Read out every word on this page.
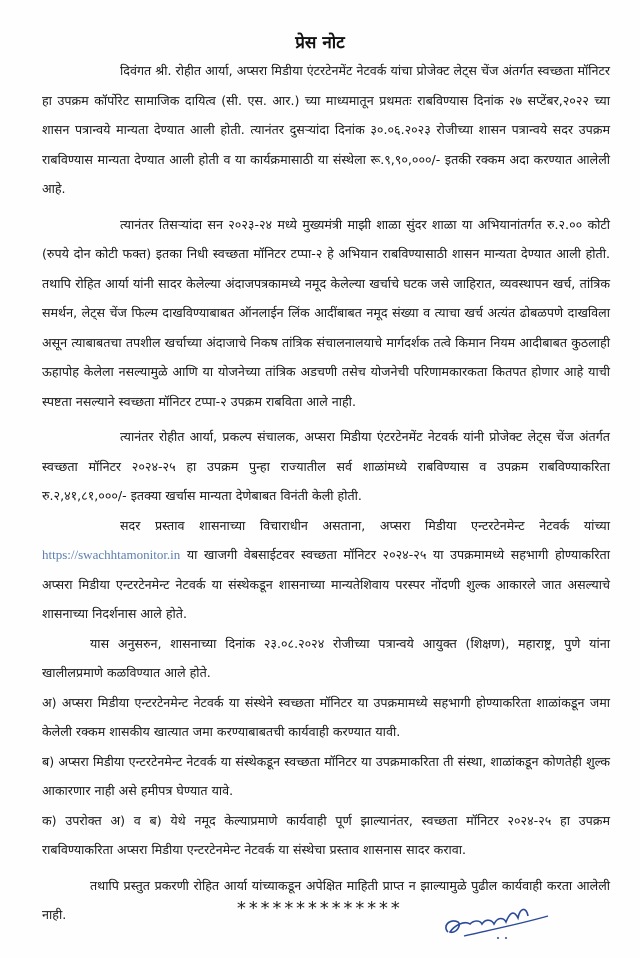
प्रेस नोट

दिवंगत श्री. रोहीत आर्या, अप्सरा मिडीया एंटरटेनमेंट नेटवर्क यांचा प्रोजेक्ट लेट्स चेंज अंतर्गत स्वच्छता मॉनिटर हा उपक्रम कॉर्पोरेट सामाजिक दायित्व (सी. एस. आर.) च्या माध्यमातून प्रथमतः राबविण्यास दिनांक २७ सप्टेंबर,२०२२ च्या शासन पत्रान्वये मान्यता देण्यात आली होती. त्यानंतर दुसऱ्यांदा दिनांक ३०.०६.२०२३ रोजीच्या शासन पत्रान्वये सदर उपक्रम राबविण्यास मान्यता देण्यात आली होती व या कार्यक्रमासाठी या संस्थेला रू.९,९०,०००/- इतकी रक्कम अदा करण्यात आलेली आहे.

त्यानंतर तिसऱ्यांदा सन २०२३-२४ मध्ये मुख्यमंत्री माझी शाळा सुंदर शाळा या अभियानांतर्गत रु.२.०० कोटी (रुपये दोन कोटी फक्त) इतका निधी स्वच्छता मॉनिटर टप्पा-२ हे अभियान राबविण्यासाठी शासन मान्यता देण्यात आली होती. तथापि रोहित आर्या यांनी सादर केलेल्या अंदाजपत्रकामध्ये नमूद केलेल्या खर्चाचे घटक जसे जाहिरात, व्यवस्थापन खर्च, तांत्रिक समर्थन, लेट्स चेंज फिल्म दाखविण्याबाबत ऑनलाईन लिंक आदींबाबत नमूद संख्या व त्याचा खर्च अत्यंत ढोबळपणे दाखविला असून त्याबाबतचा तपशील खर्चाच्या अंदाजाचे निकष तांत्रिक संचालनालयाचे मार्गदर्शक तत्वे किमान नियम आदीबाबत कुठलाही ऊहापोह केलेला नसल्यामुळे आणि या योजनेच्या तांत्रिक अडचणी तसेच योजनेची परिणामकारकता कितपत होणार आहे याची स्पष्टता नसल्याने स्वच्छता मॉनिटर टप्पा-२ उपक्रम राबविता आले नाही.

त्यानंतर रोहीत आर्या, प्रकल्प संचालक, अप्सरा मिडीया एंटरटेनमेंट नेटवर्क यांनी प्रोजेक्ट लेट्स चेंज अंतर्गत स्वच्छता मॉनिटर २०२४-२५ हा उपक्रम पुन्हा राज्यातील सर्व शाळांमध्ये राबविण्यास व उपक्रम राबविण्याकरिता रु.२,४१,८१,०००/- इतक्या खर्चास मान्यता देणेबाबत विनंती केली होती.

सदर प्रस्ताव शासनाच्या विचाराधीन असताना, अप्सरा मिडीया एन्टरटेनमेन्ट नेटवर्क यांच्या https://swachhtamonitor.in या खाजगी वेबसाईटवर स्वच्छता मॉनिटर २०२४-२५ या उपक्रमामध्ये सहभागी होण्याकरिता अप्सरा मिडीया एन्टरटेनमेन्ट नेटवर्क या संस्थेकडून शासनाच्या मान्यतेशिवाय परस्पर नोंदणी शुल्क आकारले जात असल्याचे शासनाच्या निदर्शनास आले होते.

यास अनुसरुन, शासनाच्या दिनांक २३.०८.२०२४ रोजीच्या पत्रान्वये आयुक्त (शिक्षण), महाराष्ट्र, पुणे यांना खालीलप्रमाणे कळविण्यात आले होते.

अ) अप्सरा मिडीया एन्टरटेनमेन्ट नेटवर्क या संस्थेने स्वच्छता मॉनिटर या उपक्रमामध्ये सहभागी होण्याकरिता शाळांकडून जमा केलेली रक्कम शासकीय खात्यात जमा करण्याबाबतची कार्यवाही करण्यात यावी.

ब) अप्सरा मिडीया एन्टरटेनमेन्ट नेटवर्क या संस्थेकडून स्वच्छता मॉनिटर या उपक्रमाकरिता ती संस्था, शाळांकडून कोणतेही शुल्क आकारणार नाही असे हमीपत्र घेण्यात यावे.

क) उपरोक्त अ) व ब) येथे नमूद केल्याप्रमाणे कार्यवाही पूर्ण झाल्यानंतर, स्वच्छता मॉनिटर २०२४-२५ हा उपक्रम राबविण्याकरिता अप्सरा मिडीया एन्टरटेनमेन्ट नेटवर्क या संस्थेचा प्रस्ताव शासनास सादर करावा.

तथापि प्रस्तुत प्रकरणी रोहित आर्या यांच्याकडून अपेक्षित माहिती प्राप्त न झाल्यामुळे पुढील कार्यवाही करता आलेली नाही.	**************
